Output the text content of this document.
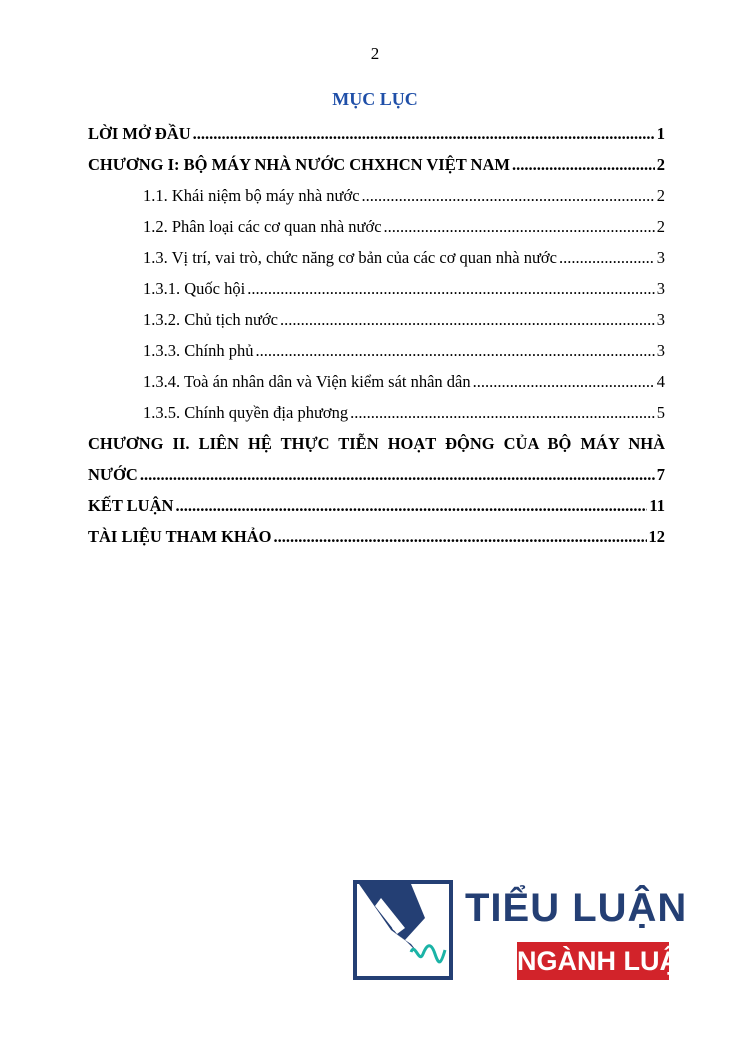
2
MỤC LỤC
LỜI MỞ ĐẦU .....	1
CHƯƠNG I: BỘ MÁY NHÀ NƯỚC CHXHCN VIỆT NAM .....	2
1.1. Khái niệm bộ máy nhà nước .....	2
1.2. Phân loại các cơ quan nhà nước .....	2
1.3. Vị trí, vai trò, chức năng cơ bản của các cơ quan nhà nước .....	3
1.3.1. Quốc hội .....	3
1.3.2. Chủ tịch nước .....	3
1.3.3. Chính phủ .....	3
1.3.4. Toà án nhân dân và Viện kiểm sát nhân dân .....	4
1.3.5. Chính quyền địa phương .....	5
CHƯƠNG II. LIÊN HỆ THỰC TIỄN HOẠT ĐỘNG CỦA BỘ MÁY NHÀ
NƯỚC .....	7
KẾT LUẬN .....	11
TÀI LIỆU THAM KHẢO .....	12
TIỂU LUẬN
NGÀNH LUẬT
